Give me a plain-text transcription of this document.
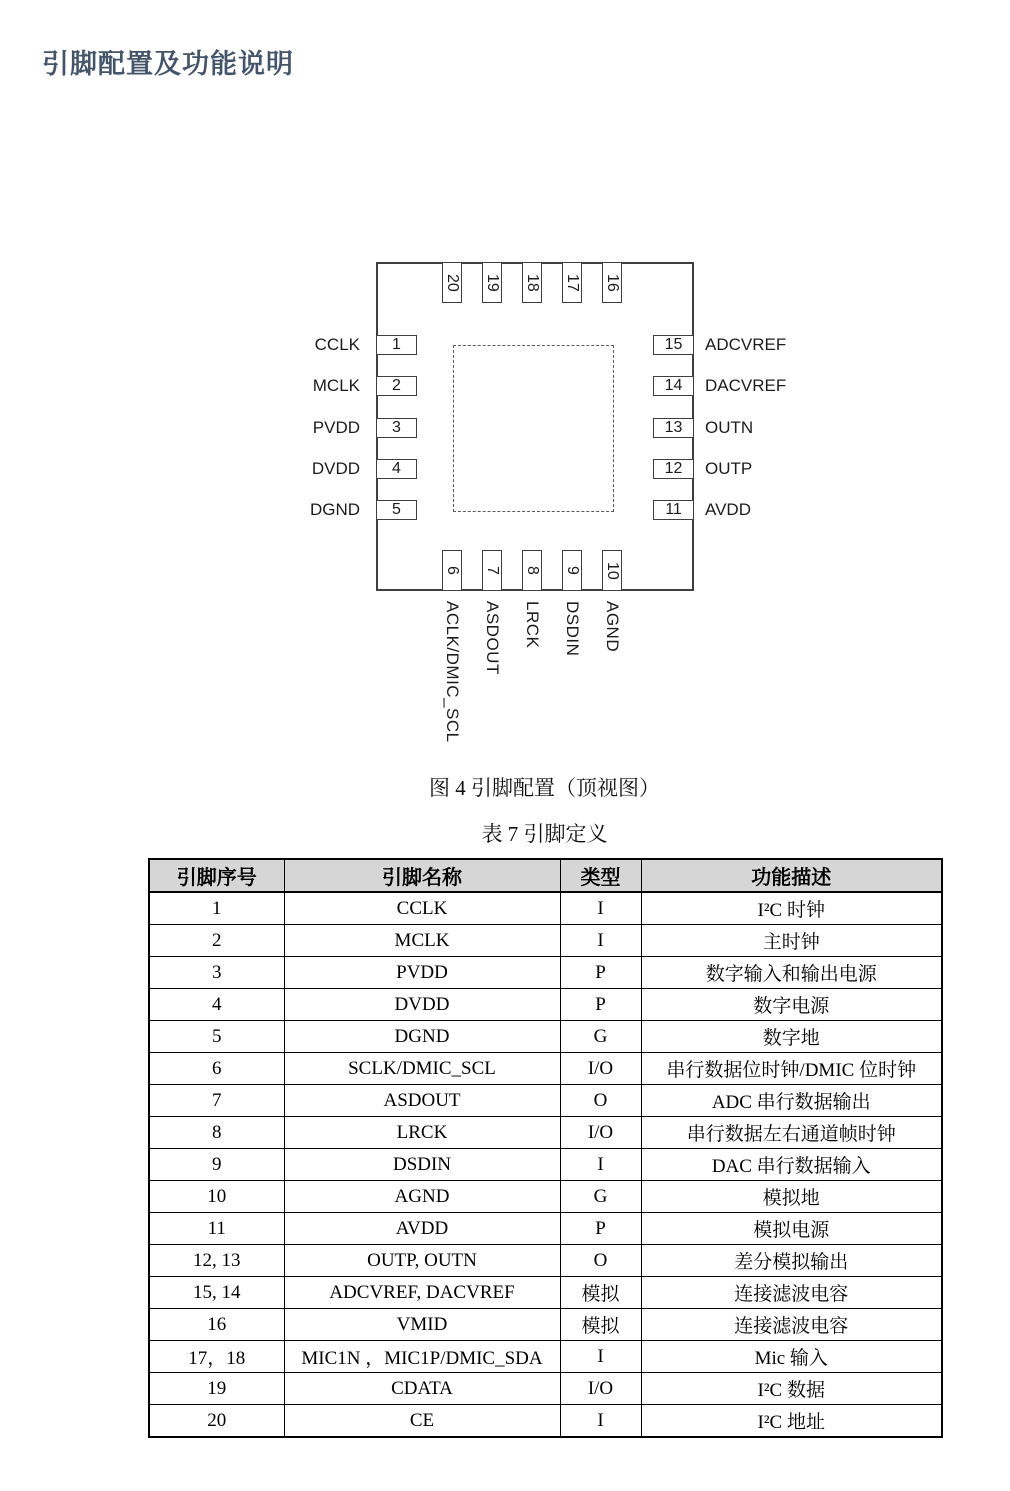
引脚配置及功能说明
1
CCLK
2
MCLK
3
PVDD
4
DVDD
5
DGND
15 ADCVREF
14 DACVREF
13 OUTN
12 OUTP
11 AVDD
20 19 18 17 16
6
ACLK/DMIC_SCL
7
ASDOUT
8
LRCK
9
DSDIN
10
AGND
图 4 引脚配置（顶视图）
表 7 引脚定义
引脚序号	引脚名称	类型	功能描述
1	CCLK	I	I²C 时钟
2	MCLK	I	主时钟
3	PVDD	P	数字输入和输出电源
4	DVDD	P	数字电源
5	DGND	G	数字地
6	SCLK/DMIC_SCL	I/O	串行数据位时钟/DMIC 位时钟
7	ASDOUT	O	ADC 串行数据输出
8	LRCK	I/O	串行数据左右通道帧时钟
9	DSDIN	I	DAC 串行数据输入
10	AGND	G	模拟地
11	AVDD	P	模拟电源
12, 13	OUTP, OUTN	O	差分模拟输出
15, 14	ADCVREF, DACVREF	模拟	连接滤波电容
16	VMID	模拟	连接滤波电容
17，18	MIC1N ，MIC1P/DMIC_SDA	I	Mic 输入
19	CDATA	I/O	I²C 数据
20	CE	I	I²C 地址
